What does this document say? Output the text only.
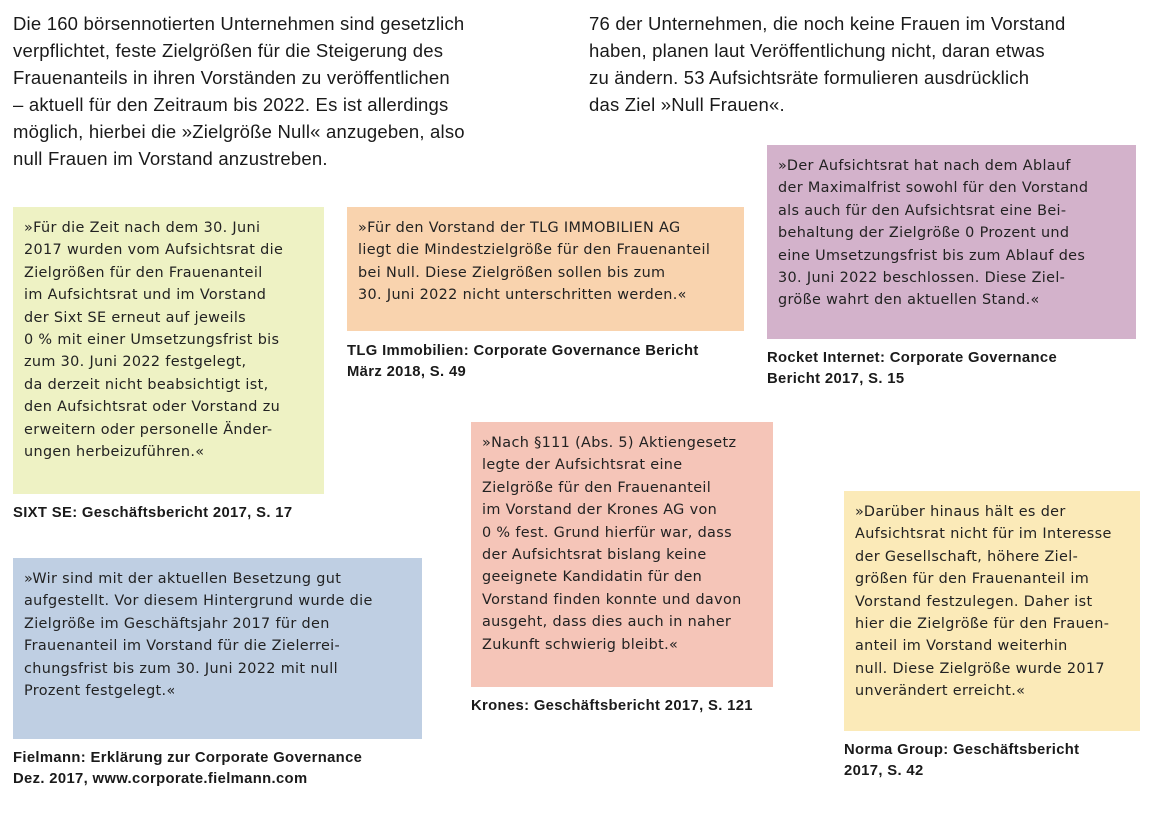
Die 160 börsennotierten Unternehmen sind gesetzlich
verpflichtet, feste Zielgrößen für die Steigerung des
Frauenanteils in ihren Vorständen zu veröffentlichen
– aktuell für den Zeitraum bis 2022. Es ist allerdings
möglich, hierbei die »Zielgröße Null« anzugeben, also
null Frauen im Vorstand anzustreben.
76 der Unternehmen, die noch keine Frauen im Vorstand
haben, planen laut Veröffentlichung nicht, daran etwas
zu ändern. 53 Aufsichtsräte formulieren ausdrücklich
das Ziel »Null Frauen«.
»Für die Zeit nach dem 30. Juni
2017 wurden vom Aufsichtsrat die
Zielgrößen für den Frauenanteil
im Aufsichtsrat und im Vorstand
der Sixt SE erneut auf jeweils
0 % mit einer Umsetzungsfrist bis
zum 30. Juni 2022 festgelegt,
da derzeit nicht beabsichtigt ist,
den Aufsichtsrat oder Vorstand zu
erweitern oder personelle Änder-
ungen herbeizuführen.«
SIXT SE: Geschäftsbericht 2017, S. 17
»Für den Vorstand der TLG IMMOBILIEN AG
liegt die Mindestzielgröße für den Frauenanteil
bei Null. Diese Zielgrößen sollen bis zum
30. Juni 2022 nicht unterschritten werden.«
TLG Immobilien: Corporate Governance Bericht
März 2018, S. 49
»Der Aufsichtsrat hat nach dem Ablauf
der Maximalfrist sowohl für den Vorstand
als auch für den Aufsichtsrat eine Bei-
behaltung der Zielgröße 0 Prozent und
eine Umsetzungsfrist bis zum Ablauf des
30. Juni 2022 beschlossen. Diese Ziel-
größe wahrt den aktuellen Stand.«
Rocket Internet: Corporate Governance
Bericht 2017, S. 15
»Wir sind mit der aktuellen Besetzung gut
aufgestellt. Vor diesem Hintergrund wurde die
Zielgröße im Geschäftsjahr 2017 für den
Frauenanteil im Vorstand für die Zielerrei-
chungsfrist bis zum 30. Juni 2022 mit null
Prozent festgelegt.«
Fielmann: Erklärung zur Corporate Governance
Dez. 2017, www.corporate.fielmann.com
»Nach §111 (Abs. 5) Aktiengesetz
legte der Aufsichtsrat eine
Zielgröße für den Frauenanteil
im Vorstand der Krones AG von
0 % fest. Grund hierfür war, dass
der Aufsichtsrat bislang keine
geeignete Kandidatin für den
Vorstand finden konnte und davon
ausgeht, dass dies auch in naher
Zukunft schwierig bleibt.«
Krones: Geschäftsbericht 2017, S. 121
»Darüber hinaus hält es der
Aufsichtsrat nicht für im Interesse
der Gesellschaft, höhere Ziel-
größen für den Frauenanteil im
Vorstand festzulegen. Daher ist
hier die Zielgröße für den Frauen-
anteil im Vorstand weiterhin
null. Diese Zielgröße wurde 2017
unverändert erreicht.«
Norma Group: Geschäftsbericht
2017, S. 42
